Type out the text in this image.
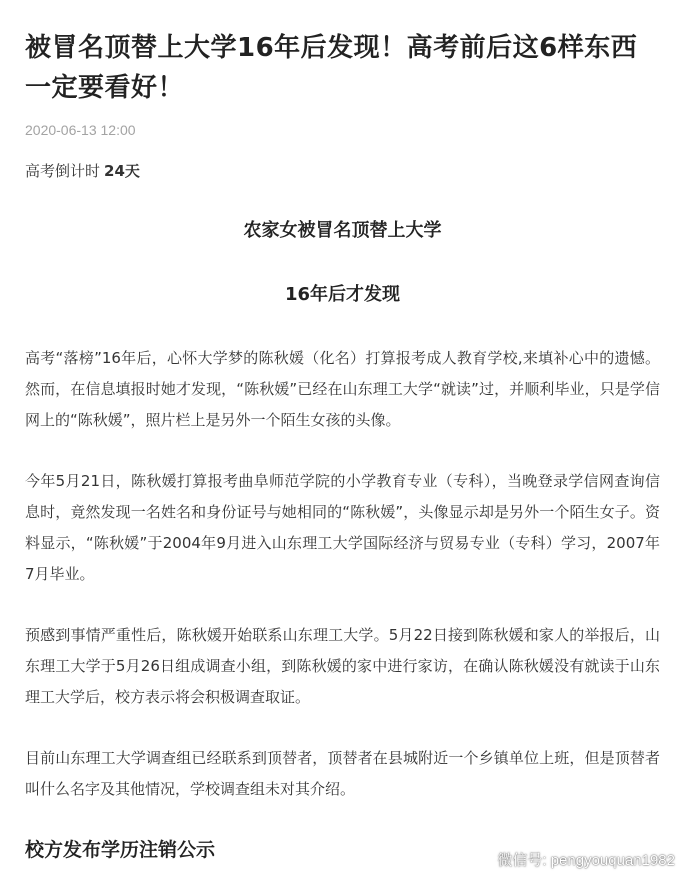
被冒名顶替上大学16年后发现！高考前后这6样东西一定要看好！
2020-06-13 12:00
高考倒计时 24天
农家女被冒名顶替上大学
16年后才发现

高考“落榜”16年后，心怀大学梦的陈秋媛（化名）打算报考成人教育学校,来填补心中的遗憾。然而，在信息填报时她才发现，“陈秋媛”已经在山东理工大学“就读”过，并顺利毕业，只是学信网上的“陈秋媛”，照片栏上是另外一个陌生女孩的头像。

今年5月21日，陈秋媛打算报考曲阜师范学院的小学教育专业（专科），当晚登录学信网查询信息时，竟然发现一名姓名和身份证号与她相同的“陈秋媛”，头像显示却是另外一个陌生女子。资料显示，“陈秋媛”于2004年9月进入山东理工大学国际经济与贸易专业（专科）学习，2007年7月毕业。

预感到事情严重性后，陈秋媛开始联系山东理工大学。5月22日接到陈秋媛和家人的举报后，山东理工大学于5月26日组成调查小组，到陈秋媛的家中进行家访，在确认陈秋媛没有就读于山东理工大学后，校方表示将会积极调查取证。

目前山东理工大学调查组已经联系到顶替者，顶替者在县城附近一个乡镇单位上班，但是顶替者叫什么名字及其他情况，学校调查组未对其介绍。

校方发布学历注销公示	微信号: pengyouquan1982
